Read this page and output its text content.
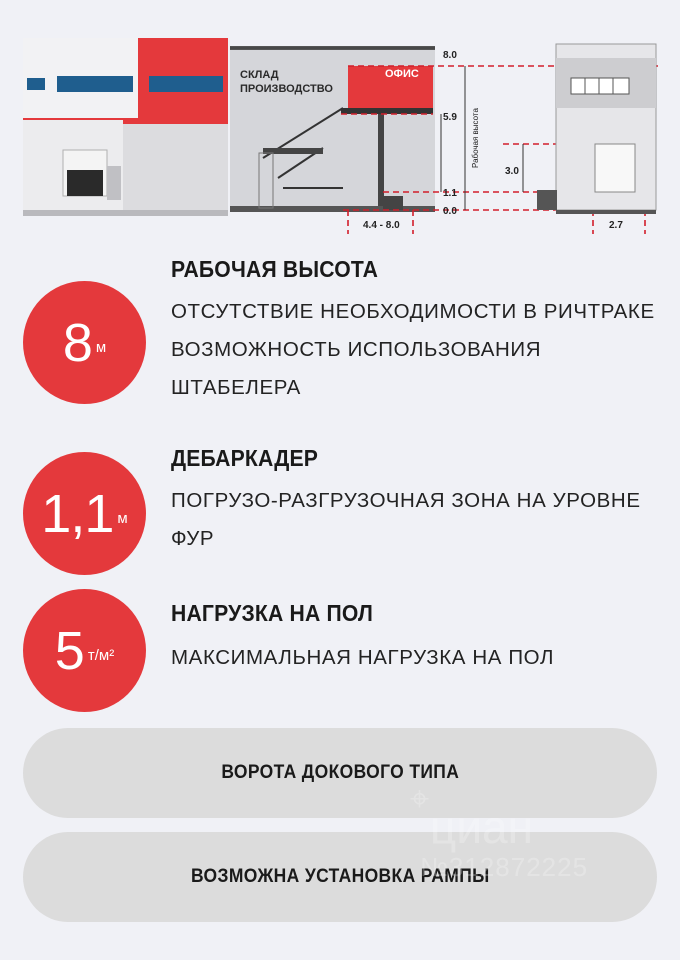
СКЛАД
ПРОИЗВОДСТВО
ОФИС
8.0
5.9
1.1
0.0
3.0
4.4 - 8.0	2.7
Рабочая высота
8 м
РАБОЧАЯ ВЫСОТА
ОТСУТСТВИЕ НЕОБХОДИМОСТИ В РИЧТРАКЕ
ВОЗМОЖНОСТЬ ИСПОЛЬЗОВАНИЯ
ШТАБЕЛЕРА
1,1 м
ДЕБАРКАДЕР
ПОГРУЗО-РАЗГРУЗОЧНАЯ ЗОНА НА УРОВНЕ
ФУР
5 т/м²
НАГРУЗКА НА ПОЛ
МАКСИМАЛЬНАЯ НАГРУЗКА НА ПОЛ
ВОРОТА ДОКОВОГО ТИПА
ВОЗМОЖНА УСТАНОВКА РАМПЫ
⌖
циан
№312872225
